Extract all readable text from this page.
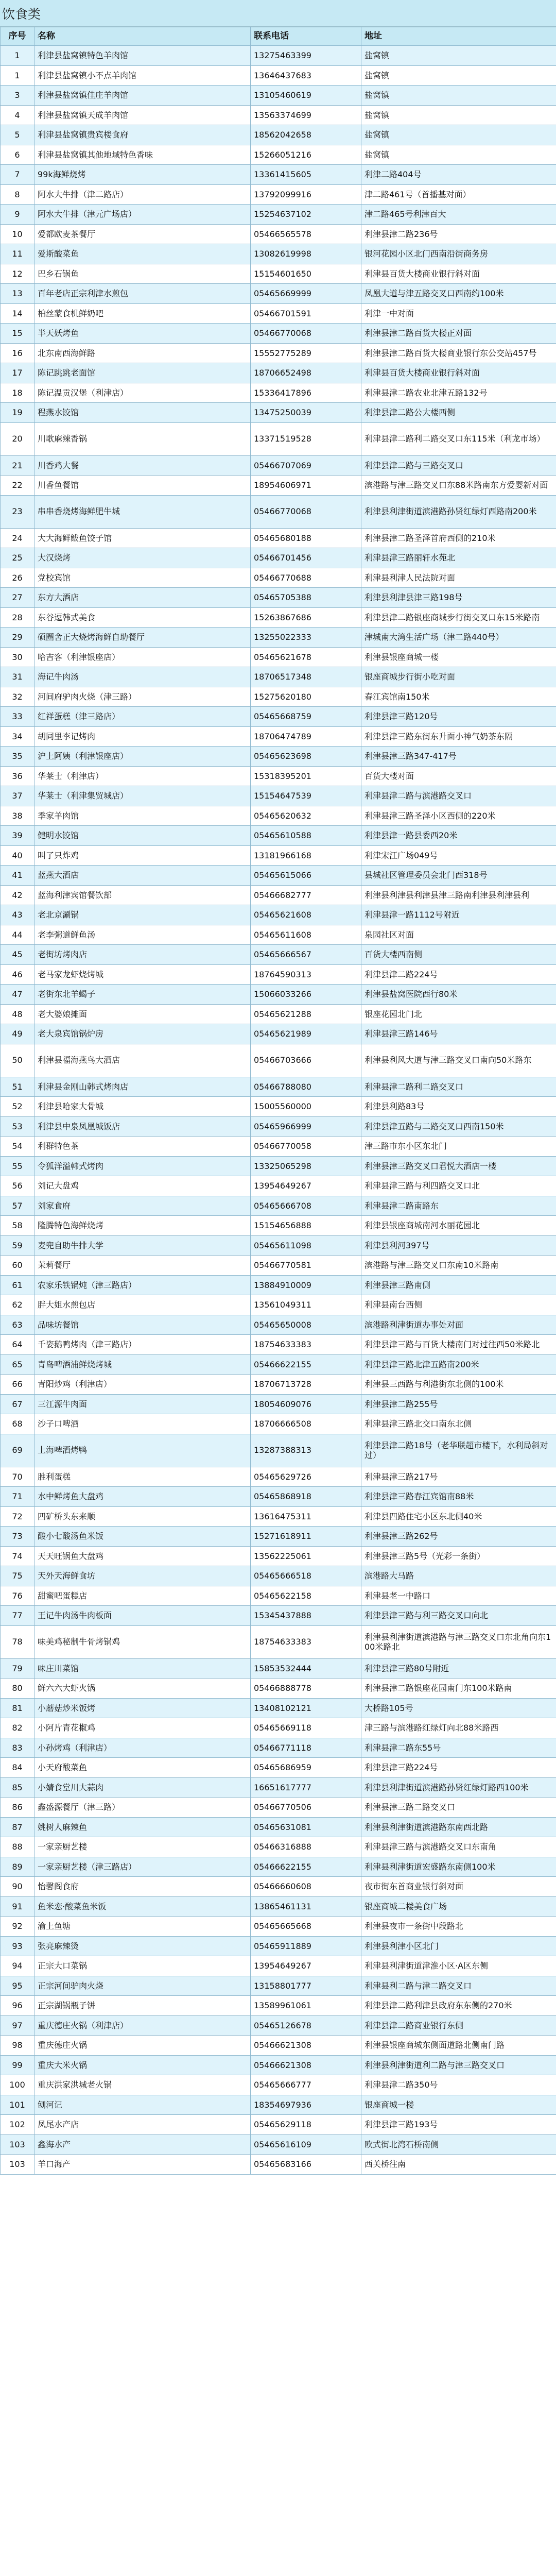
饮食类
序号	名称	联系电话	地址
1	利津县盐窝镇特色羊肉馆	13275463399	盐窝镇
1	利津县盐窝镇小不点羊肉馆	13646437683	盐窝镇
3	利津县盐窝镇佳庄羊肉馆	13105460619	盐窝镇
4	利津县盐窝镇天成羊肉馆	13563374699	盐窝镇
5	利津县盐窝镇贵宾楼食府	18562042658	盐窝镇
6	利津县盐窝镇其他地域特色香味	15266051216	盐窝镇
7	99k海鲜烧烤	13361415605	利津二路404号
8	阿水大牛排（津二路店）	13792099916	津二路461号（首播基对面）
9	阿水大牛排（津元广场店）	15254637102	津二路465号利津百大
10	爱都欧麦茶餐厅	05466565578	利津县津二路236号
11	爱斯酸菜鱼	13082619998	银河花园小区北门西南沿街商务房
12	巴乡石锅鱼	15154601650	利津县百货大楼商业银行斜对面
13	百年老店正宗利津水煎包	05465669999	凤凰大道与津五路交叉口西南约100米
14	柏丝蒙食机鲜奶吧	05466701591	利津一中对面
15	半天妖烤鱼	05466770068	利津县津二路百货大楼正对面
16	北东南西海鲜路	15552775289	利津县津二路百货大楼商业银行东公交站457号
17	陈记跳跳老面馆	18706652498	利津县百货大楼商业银行斜对面
18	陈记温贡汉堡（利津店）	15336417896	利津县津二路农业北津五路132号
19	程燕水饺馆	13475250039	利津县津二路公大楼西侧
20	川歌麻辣香锅	13371519528	利津县津二路利二路交叉口东115米（利龙市场）
21	川香鸡大餐	05466707069	利津县津二路与三路交叉口
22	川香鱼餐馆	18954606971	滨港路与津三路交叉口东88米路南东方爱婴新对面
23	串串香烧烤海鲜肥牛城	05466770068	利津县利津街道滨港路孙贤红绿灯西路南200米
24	大大海鲜鲅鱼饺子馆	05465680188	利津县津二路圣泽首府西侧的210米
25	大汉烧烤	05466701456	利津县津三路丽轩水苑北
26	党校宾馆	05466770688	利津县利津人民法院对面
27	东方大酒店	05465705388	利津县利津县津三路198号
28	东谷逗韩式美食	15263867686	利津县津二路银座商城步行街交叉口东15米路南
29	硕圈舍正大烧烤海鲜自助餐厅	13255022333	津城南大湾生活广场（津二路440号）
30	哈吉客（利津银座店）	05465621678	利津县银座商城一楼
31	海记牛肉汤	18706517348	银座商城步行街小吃对面
32	河间府驴肉火烧（津三路）	15275620180	春江宾馆南150米
33	红祥蛋糕（津三路店）	05465668759	利津县津三路120号
34	胡同里李记烤肉	18706474789	利津县津三路东街东升面小神气奶茶东隔
35	沪上阿姨（利津银座店）	05465623698	利津县津三路347-417号
36	华莱士（利津店）	15318395201	百货大楼对面
37	华莱士（利津集贸城店）	15154647539	利津县津二路与滨港路交叉口
38	季家羊肉馆	05465620632	利津县津三路圣泽小区西侧的220米
39	健明水饺馆	05465610588	利津县津一路县委西20米
40	叫了只炸鸡	13181966168	利津宋江广场049号
41	蓝燕大酒店	05465615066	县城社区管理委员会北门西318号
42	蓝海利津宾馆餐饮部	05466682777	利津县利津县利津县津三路南利津县利津县利
43	老北京涮锅	05465621608	利津县津一路1112号附近
44	老李粥道鲜鱼汤	05465611608	泉园社区对面
45	老街坊烤肉店	05465666567	百货大楼西南侧
46	老马家龙虾烧烤城	18764590313	利津县津二路224号
47	老街东北羊蝎子	15066033266	利津县盐窝医院西行80米
48	老大婆娘摊面	05465621288	银座花园北门北
49	老大泉宾馆锅炉房	05465621989	利津县津三路146号
50	利津县福海燕鸟大酒店	05466703666	利津县利风大道与津三路交叉口南向50米路东
51	利津县金刚山韩式烤肉店	05466788080	利津县津二路利二路交叉口
52	利津县哈家大骨城	15005560000	利津县利路83号
53	利津县中泉凤凰城饭店	05465966999	利津县津五路与二路交叉口西南150米
54	利群特色茶	05466770058	津三路市东小区东北门
55	令狐洋溢韩式烤肉	13325065298	利津县津三路交叉口君悦大酒店一楼
56	刘记大盘鸡	13954649267	利津县津三路与利四路交叉口北
57	刘家食府	05465666708	利津县津二路南路东
58	隆腾特色海鲜烧烤	15154656888	利津县银座商城南河水丽花园北
59	麦兜自助牛排大学	05465611098	利津县利河397号
60	茉莉餐厅	05466770581	滨港路与津三路交叉口东南10米路南
61	农家乐铁锅炖（津三路店）	13884910009	利津县津三路南侧
62	胖大姐水煎包店	13561049311	利津县南台西侧
63	品味坊餐馆	05465650008	滨港路利津街道办事处对面
64	千姿鹅鸭烤肉（津三路店）	18754633383	利津县津三路与百货大楼南门对过往西50米路北
65	青岛啤酒浦鲜烧烤城	05466622155	利津县津三路北津五路南200米
66	青阳炒鸡（利津店）	18706713728	利津县三西路与利港街东北侧的100米
67	三江源牛肉面	18054609076	利津县津二路255号
68	沙子口啤酒	18706666508	利津县津三路北交口南东北侧
69	上海啤酒烤鸭	13287388313	利津县津二路18号（老华联超市楼下，水利局斜对过）
70	胜利蛋糕	05465629726	利津县津三路217号
71	水中鲜烤鱼大盘鸡	05465868918	利津县津三路春江宾馆南88米
72	四矿桥头东来顺	13616475311	利津县四路住宅小区东北侧40米
73	酸小七酸汤鱼米饭	15271618911	利津县津三路262号
74	天天旺锅鱼大盘鸡	13562225061	利津县津三路5号（光彩一条街）
75	天外天海鲜食坊	05465666518	滨港路大马路
76	甜蜜吧蛋糕店	05465622158	利津县老一中路口
77	王记牛肉汤牛肉板面	15345437888	利津县津三路与利三路交叉口向北
78	味美鸡秘制牛骨烤锅鸡	18754633383	利津县利津街道滨港路与津三路交叉口东北角向东100米路北
79	味庄川菜馆	15853532444	利津县津三路80号附近
80	鲜六六大虾火锅	05466888778	利津县津二路银座花园南门东100米路南
81	小蘑菇炒米饭烤	13408102121	大桥路105号
82	小阿片青花椒鸡	05465669118	津三路与滨港路红绿灯向北88米路西
83	小孙烤鸡（利津店）	05466771118	利津县津二路东55号
84	小天府酸菜鱼	05465686959	利津县津三路224号
85	小婧食堂川大蒜肉	16651617777	利津县利津街道滨港路孙贤红绿灯路西100米
86	鑫盛源餐厅（津三路）	05466770506	利津县津三路二路交叉口
87	姚树人麻辣鱼	05465631081	利津县利津街道滨港路东南西北路
88	一家亲厨艺楼	05466316888	利津县津三路与滨港路交叉口东南角
89	一家亲厨艺楼（津三路店）	05466622155	利津县利津街道宏盛路东南侧100米
90	怡馨阁食府	05466660608	夜市街东首商业银行斜对面
91	鱼米恋·酸菜鱼米饭	13865461131	银座商城二楼美食广场
92	渝上鱼塘	05465665668	利津县夜市一条街中段路北
93	张亮麻辣烫	05465911889	利津县利津小区北门
94	正宗大口菜锅	13954649267	利津县利津街道津淮小区·A区东侧
95	正宗河间驴肉火烧	13158801777	利津县利二路与津二路交叉口
96	正宗湖锅瓶子饼	13589961061	利津县津二路利津县政府东东侧的270米
97	重庆德庄火锅（利津店）	05465126678	利津县津二路商业银行东侧
98	重庆德庄火锅	05466621308	利津县银座商城东侧面道路北侧南门路
99	重庆大米火锅	05466621308	利津县利津街道利二路与津三路交叉口
100	重庆洪家洪城老火锅	05465666777	利津县津二路350号
101	刨河记	18354697936	银座商城一楼
102	凤尾水产店	05465629118	利津县津三路193号
103	鑫海水产	05465616109	欧式街北湾石桥南侧
103	羊口海产	05465683166	西关桥往南
